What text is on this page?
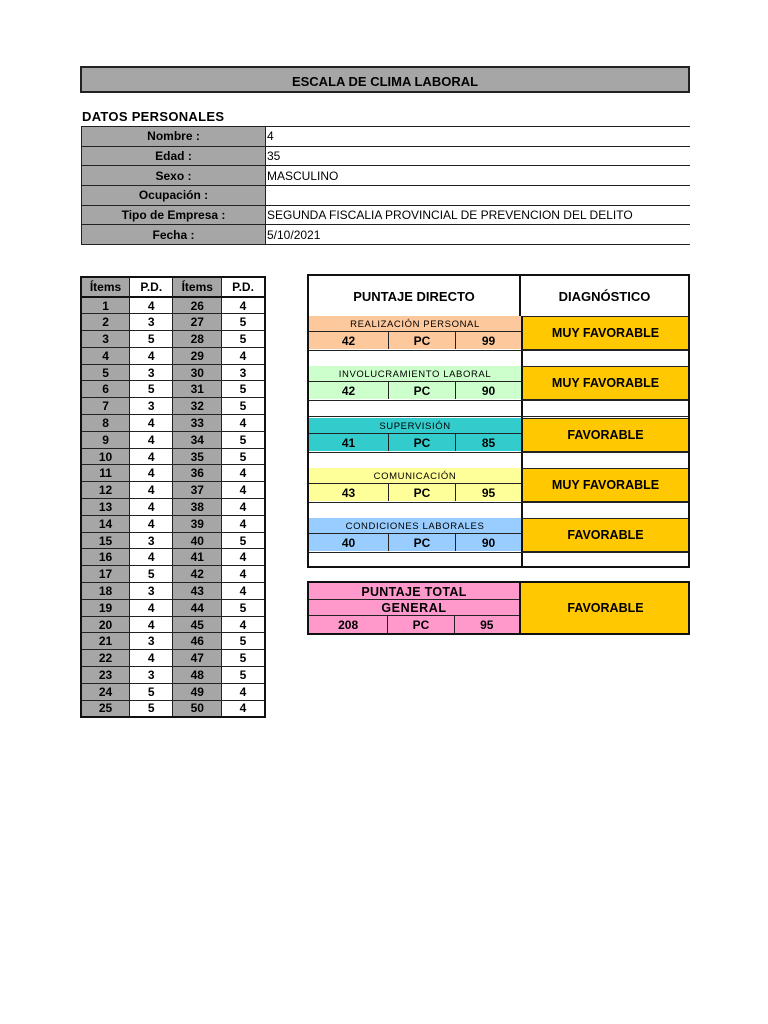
ESCALA DE CLIMA LABORAL
DATOS PERSONALES
Nombre :	4
Edad :	35
Sexo :	MASCULINO
Ocupación :	
Tipo de Empresa :	SEGUNDA FISCALIA PROVINCIAL DE PREVENCION DEL DELITO
Fecha :	5/10/2021
Ítems	P.D.	Ítems	P.D.
1	4	26	4
2	3	27	5
3	5	28	5
4	4	29	4
5	3	30	3
6	5	31	5
7	3	32	5
8	4	33	4
9	4	34	5
10	4	35	5
11	4	36	4
12	4	37	4
13	4	38	4
14	4	39	4
15	3	40	5
16	4	41	4
17	5	42	4
18	3	43	4
19	4	44	5
20	4	45	4
21	3	46	5
22	4	47	5
23	3	48	5
24	5	49	4
25	5	50	4
PUNTAJE DIRECTO	DIAGNÓSTICO
REALIZACIÓN PERSONAL
42	PC	99
MUY FAVORABLE
INVOLUCRAMIENTO LABORAL
42	PC	90
MUY FAVORABLE
SUPERVISIÓN
41	PC	85
FAVORABLE
COMUNICACIÓN
43	PC	95
MUY FAVORABLE
CONDICIONES LABORALES
40	PC	90
FAVORABLE
PUNTAJE TOTAL
GENERAL
208	PC	95
FAVORABLE
